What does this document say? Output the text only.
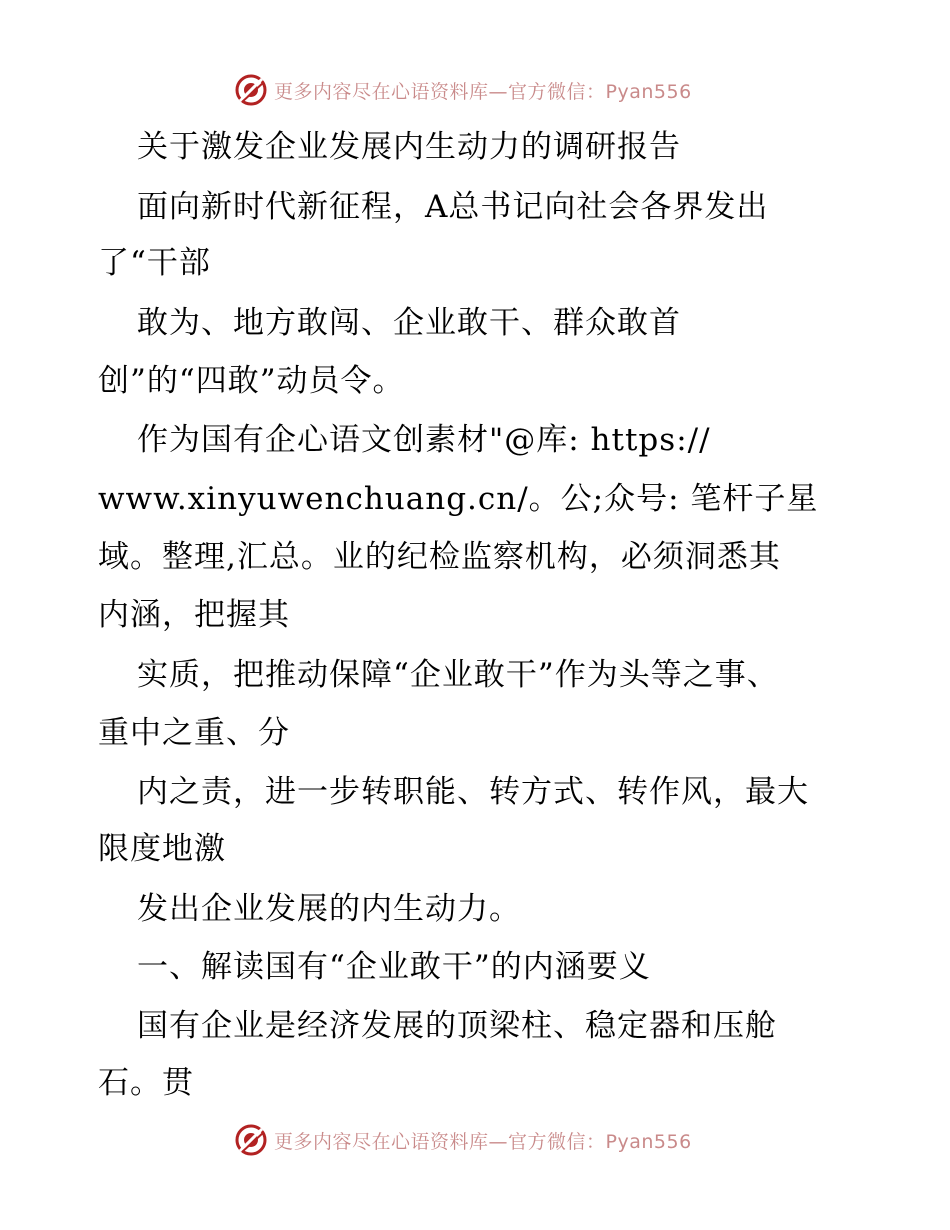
更多内容尽在心语资料库—官方微信：Pyan556
关于激发企业发展内生动力的调研报告
面向新时代新征程，A总书记向社会各界发出
了“干部
敢为、地方敢闯、企业敢干、群众敢首
创”的“四敢”动员令。
作为国有企心语文创素材"@库: https://
www.xinyuwenchuang.cn/。公;众号: 笔杆子星
域。整理,汇总。业的纪检监察机构，必须洞悉其
内涵，把握其
实质，把推动保障“企业敢干”作为头等之事、
重中之重、分
内之责，进一步转职能、转方式、转作风，最大
限度地激
发出企业发展的内生动力。
一、解读国有“企业敢干”的内涵要义
国有企业是经济发展的顶梁柱、稳定器和压舱
石。贯
更多内容尽在心语资料库—官方微信：Pyan556
